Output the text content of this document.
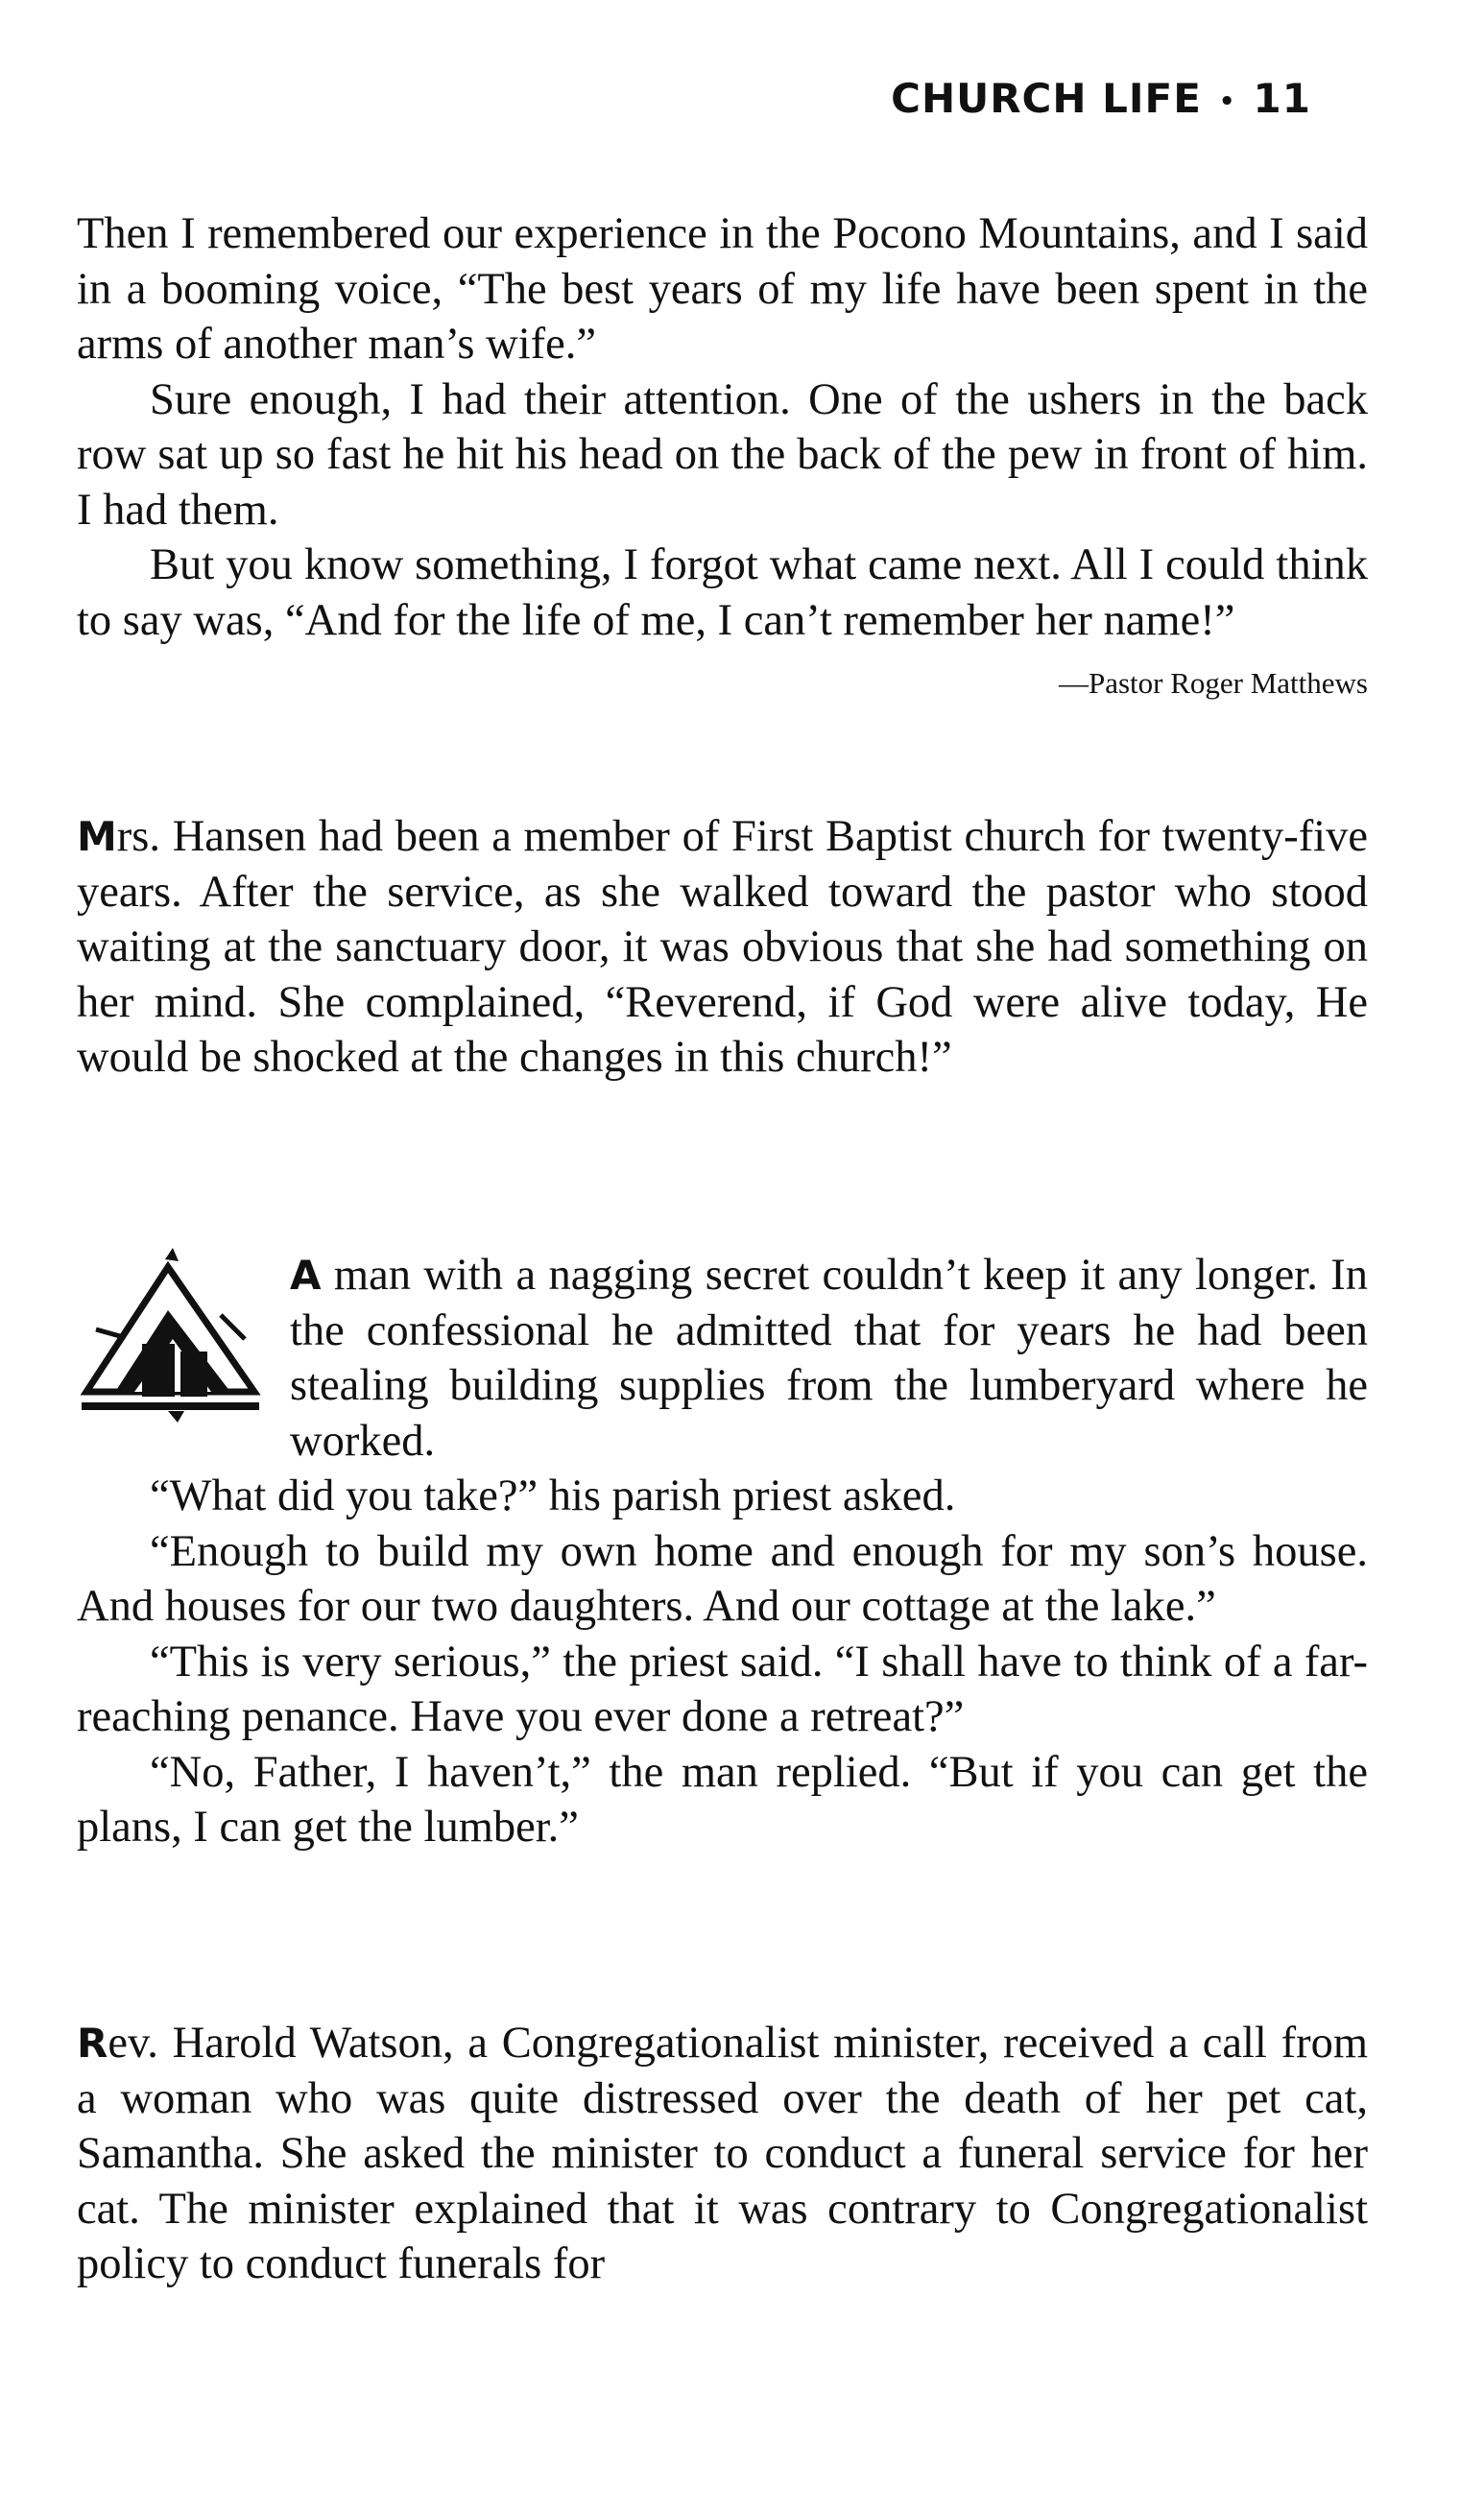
CHURCH LIFE • 11

Then I remembered our experience in the Pocono Mountains, and I said in a booming voice, “The best years of my life have been spent in the arms of another man’s wife.”

Sure enough, I had their attention. One of the ushers in the back row sat up so fast he hit his head on the back of the pew in front of him. I had them.

But you know something, I forgot what came next. All I could think to say was, “And for the life of me, I can’t remember her name!”
—Pastor Roger Matthews

Mrs. Hansen had been a member of First Baptist church for twenty-five years. After the service, as she walked toward the pastor who stood waiting at the sanctuary door, it was obvious that she had something on her mind. She complained, “Reverend, if God were alive today, He would be shocked at the changes in this church!”

A man with a nagging secret couldn’t keep it any longer. In the confessional he admitted that for years he had been stealing building supplies from the lumberyard where he worked.

“What did you take?” his parish priest asked.

“Enough to build my own home and enough for my son’s house. And houses for our two daughters. And our cottage at the lake.”

“This is very serious,” the priest said. “I shall have to think of a far-reaching penance. Have you ever done a retreat?”

“No, Father, I haven’t,” the man replied. “But if you can get the plans, I can get the lumber.”

Rev. Harold Watson, a Congregationalist minister, received a call from a woman who was quite distressed over the death of her pet cat, Samantha. She asked the minister to conduct a funeral service for her cat. The minister explained that it was contrary to Congregationalist policy to conduct funerals for
